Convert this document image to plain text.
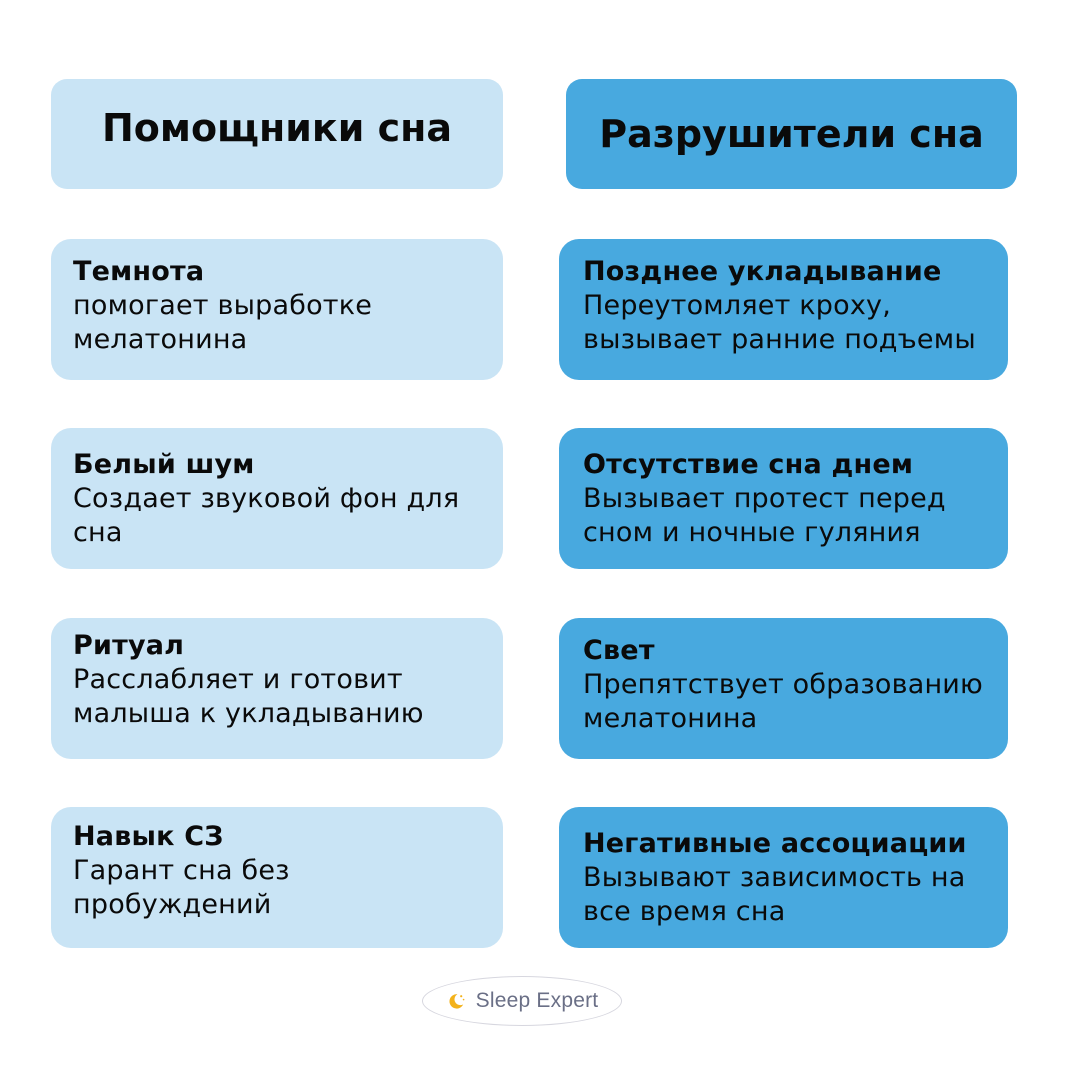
Помощники сна	Разрушители сна
Темнота
помогает выработке
мелатонина
Белый шум
Создает звуковой фон для
сна
Ритуал
Расслабляет и готовит
малыша к укладыванию
Навык СЗ
Гарант сна без
пробуждений
Позднее укладывание
Переутомляет кроху,
вызывает ранние подъемы
Отсутствие сна днем
Вызывает протест перед
сном и ночные гуляния
Свет
Препятствует образованию
мелатонина
Негативные ассоциации
Вызывают зависимость на
все время сна
Sleep Expert
